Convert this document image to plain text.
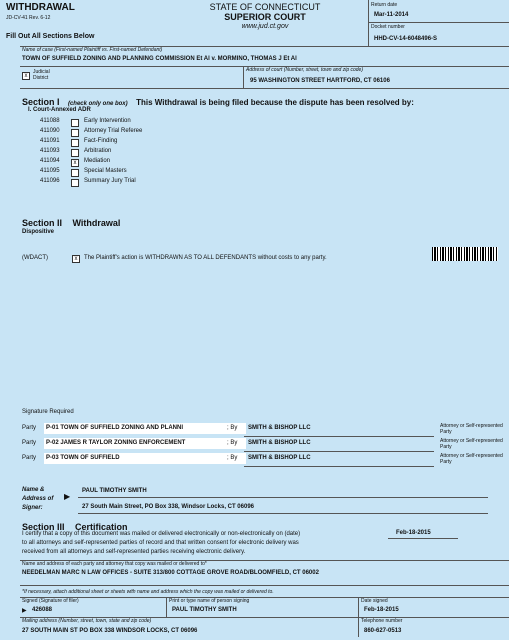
WITHDRAWAL
JD-CV-41 Rev. 6-12
Fill Out All Sections Below
STATE OF CONNECTICUT
SUPERIOR COURT
www.jud.ct.gov
Return date
Mar-11-2014
Docket number
HHD-CV-14-6048496-S
Name of case (First-named Plaintiff vs. First-named Defendant)
TOWN OF SUFFIELD ZONING AND PLANNING COMMISSION Et Al v. MORMINO, THOMAS J Et Al
x
Judicial District
Address of court (Number, street, town and zip code)
95 WASHINGTON STREET HARTFORD, CT 06106
Section I (check only one box) This Withdrawal is being filed because the dispute has been resolved by:
I. Court-Annexed ADR
411088	Early Intervention
411090	Attorney Trial Referee
411091	Fact-Finding
411093	Arbitration
411094	x	Mediation
411095	Special Masters
411096	Summary Jury Trial
Section II Withdrawal
Dispositive
(WDACT)	x	The Plaintiff's action is WITHDRAWN AS TO ALL DEFENDANTS without costs to any party.
Signature Required
Party	P-01 TOWN OF SUFFIELD ZONING AND PLANNI	; By SMITH & BISHOP LLC	Attorney or Self-represented Party
Party	P-02 JAMES R TAYLOR ZONING ENFORCEMENT	; By SMITH & BISHOP LLC	Attorney or Self-represented Party
Party	P-03 TOWN OF SUFFIELD	; By SMITH & BISHOP LLC	Attorney or Self-represented Party
Name & Address of Signer:
▶
PAUL TIMOTHY SMITH
27 South Main Street, PO Box 338, Windsor Locks, CT 06096
Section III Certification
I certify that a copy of this document was mailed or delivered electronically or non-electronically on (date)	Feb-18-2015
to all attorneys and self-represented parties of record and that written consent for electronic delivery was
received from all attorneys and self-represented parties receiving electronic delivery.
Name and address of each party and attorney that copy was mailed or delivered to*
NEEDELMAN MARC N LAW OFFICES - SUITE 313/800 COTTAGE GROVE ROAD/BLOOMFIELD, CT 06002
*If necessary, attach additional sheet or sheets with name and address which the copy was mailed or delivered to.
Signed (Signature of filer)
▶ 426088
Print or type name of person signing
PAUL TIMOTHY SMITH
Date signed
Feb-18-2015
Mailing address (Number, street, town, state and zip code)
27 SOUTH MAIN ST PO BOX 338 WINDSOR LOCKS, CT 06096
Telephone number
860-627-0513
